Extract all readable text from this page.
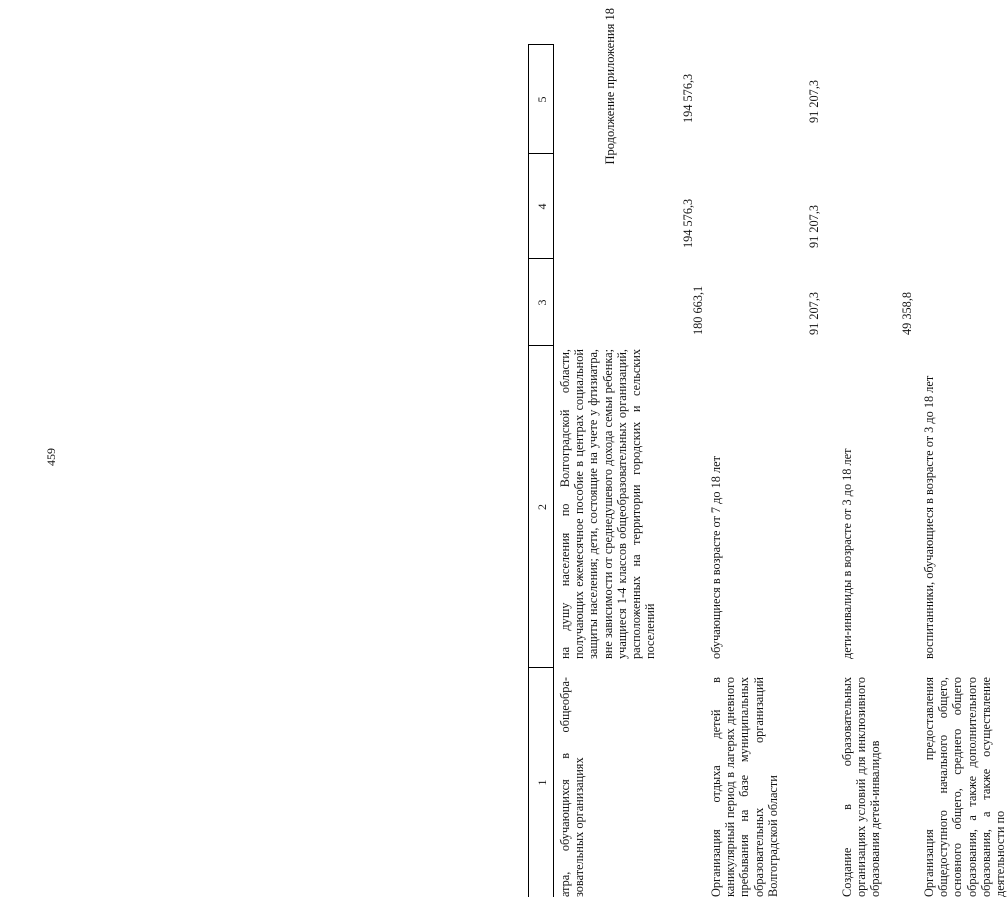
459
Продолжение приложения 18
1
2
3
4
5
атра, обучающихся в общеобра-зовательных организациях
на душу населения по Волгоградской области, получающих ежемесячное пособие в центрах социальной защиты населения; дети, состоящие на учете у фтизиатра, вне зависимости от среднедушевого дохода семьи ребенка; учащиеся 1-4 классов общеобразовательных организаций, расположенных на территории городских и сельских поселений
180 663,1
194 576,3
194 576,3
Организация отдыха детей в каникулярный период в лагерях дневного пребывания на базе муниципальных образовательных организаций Волгоградской области
обучающиеся в возрасте от 7 до 18 лет
91 207,3
91 207,3
91 207,3
Создание в образовательных организациях условий для инклюзивного образования детей-инвалидов
дети-инвалиды в возрасте от 3 до 18 лет
49 358,8
Организация предоставления общедоступного начального общего, основного общего, среднего общего образования, а также дополнительного образования, а также осуществление деятельности по
воспитанники, обучающиеся в возрасте от 3 до 18 лет
